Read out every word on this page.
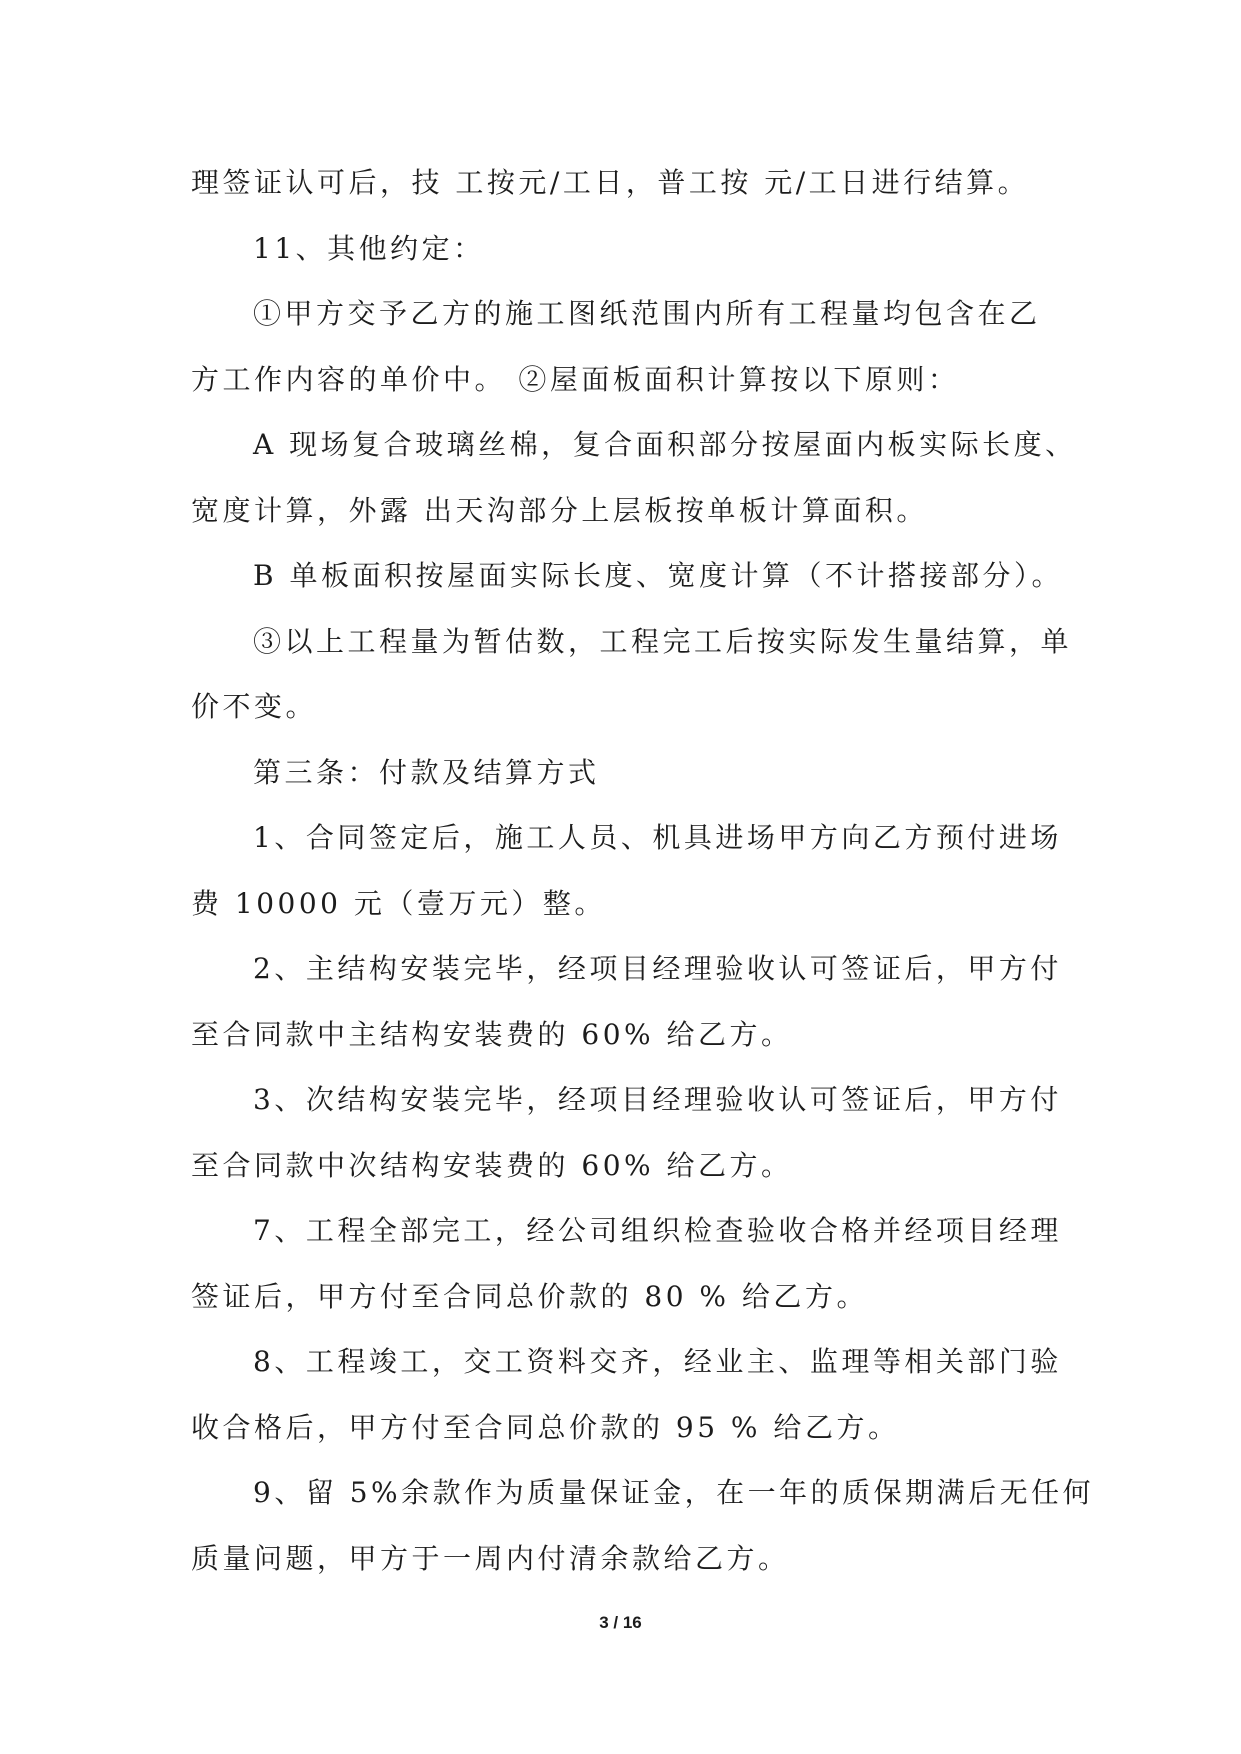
理签证认可后，技 工按元/工日，普工按 元/工日进行结算。
11、其他约定：
①甲方交予乙方的施工图纸范围内所有工程量均包含在乙
方工作内容的单价中。 ②屋面板面积计算按以下原则：
A 现场复合玻璃丝棉，复合面积部分按屋面内板实际长度、
宽度计算，外露 出天沟部分上层板按单板计算面积。
B 单板面积按屋面实际长度、宽度计算（不计搭接部分）。
③以上工程量为暂估数，工程完工后按实际发生量结算，单
价不变。
第三条：付款及结算方式
1、合同签定后，施工人员、机具进场甲方向乙方预付进场
费 10000 元（壹万元）整。
2、主结构安装完毕，经项目经理验收认可签证后，甲方付
至合同款中主结构安装费的 60% 给乙方。
3、次结构安装完毕，经项目经理验收认可签证后，甲方付
至合同款中次结构安装费的 60% 给乙方。
7、工程全部完工，经公司组织检查验收合格并经项目经理
签证后，甲方付至合同总价款的 80 % 给乙方。
8、工程竣工，交工资料交齐，经业主、监理等相关部门验
收合格后，甲方付至合同总价款的 95 % 给乙方。
9、留 5%余款作为质量保证金，在一年的质保期满后无任何
质量问题，甲方于一周内付清余款给乙方。
3 / 16
